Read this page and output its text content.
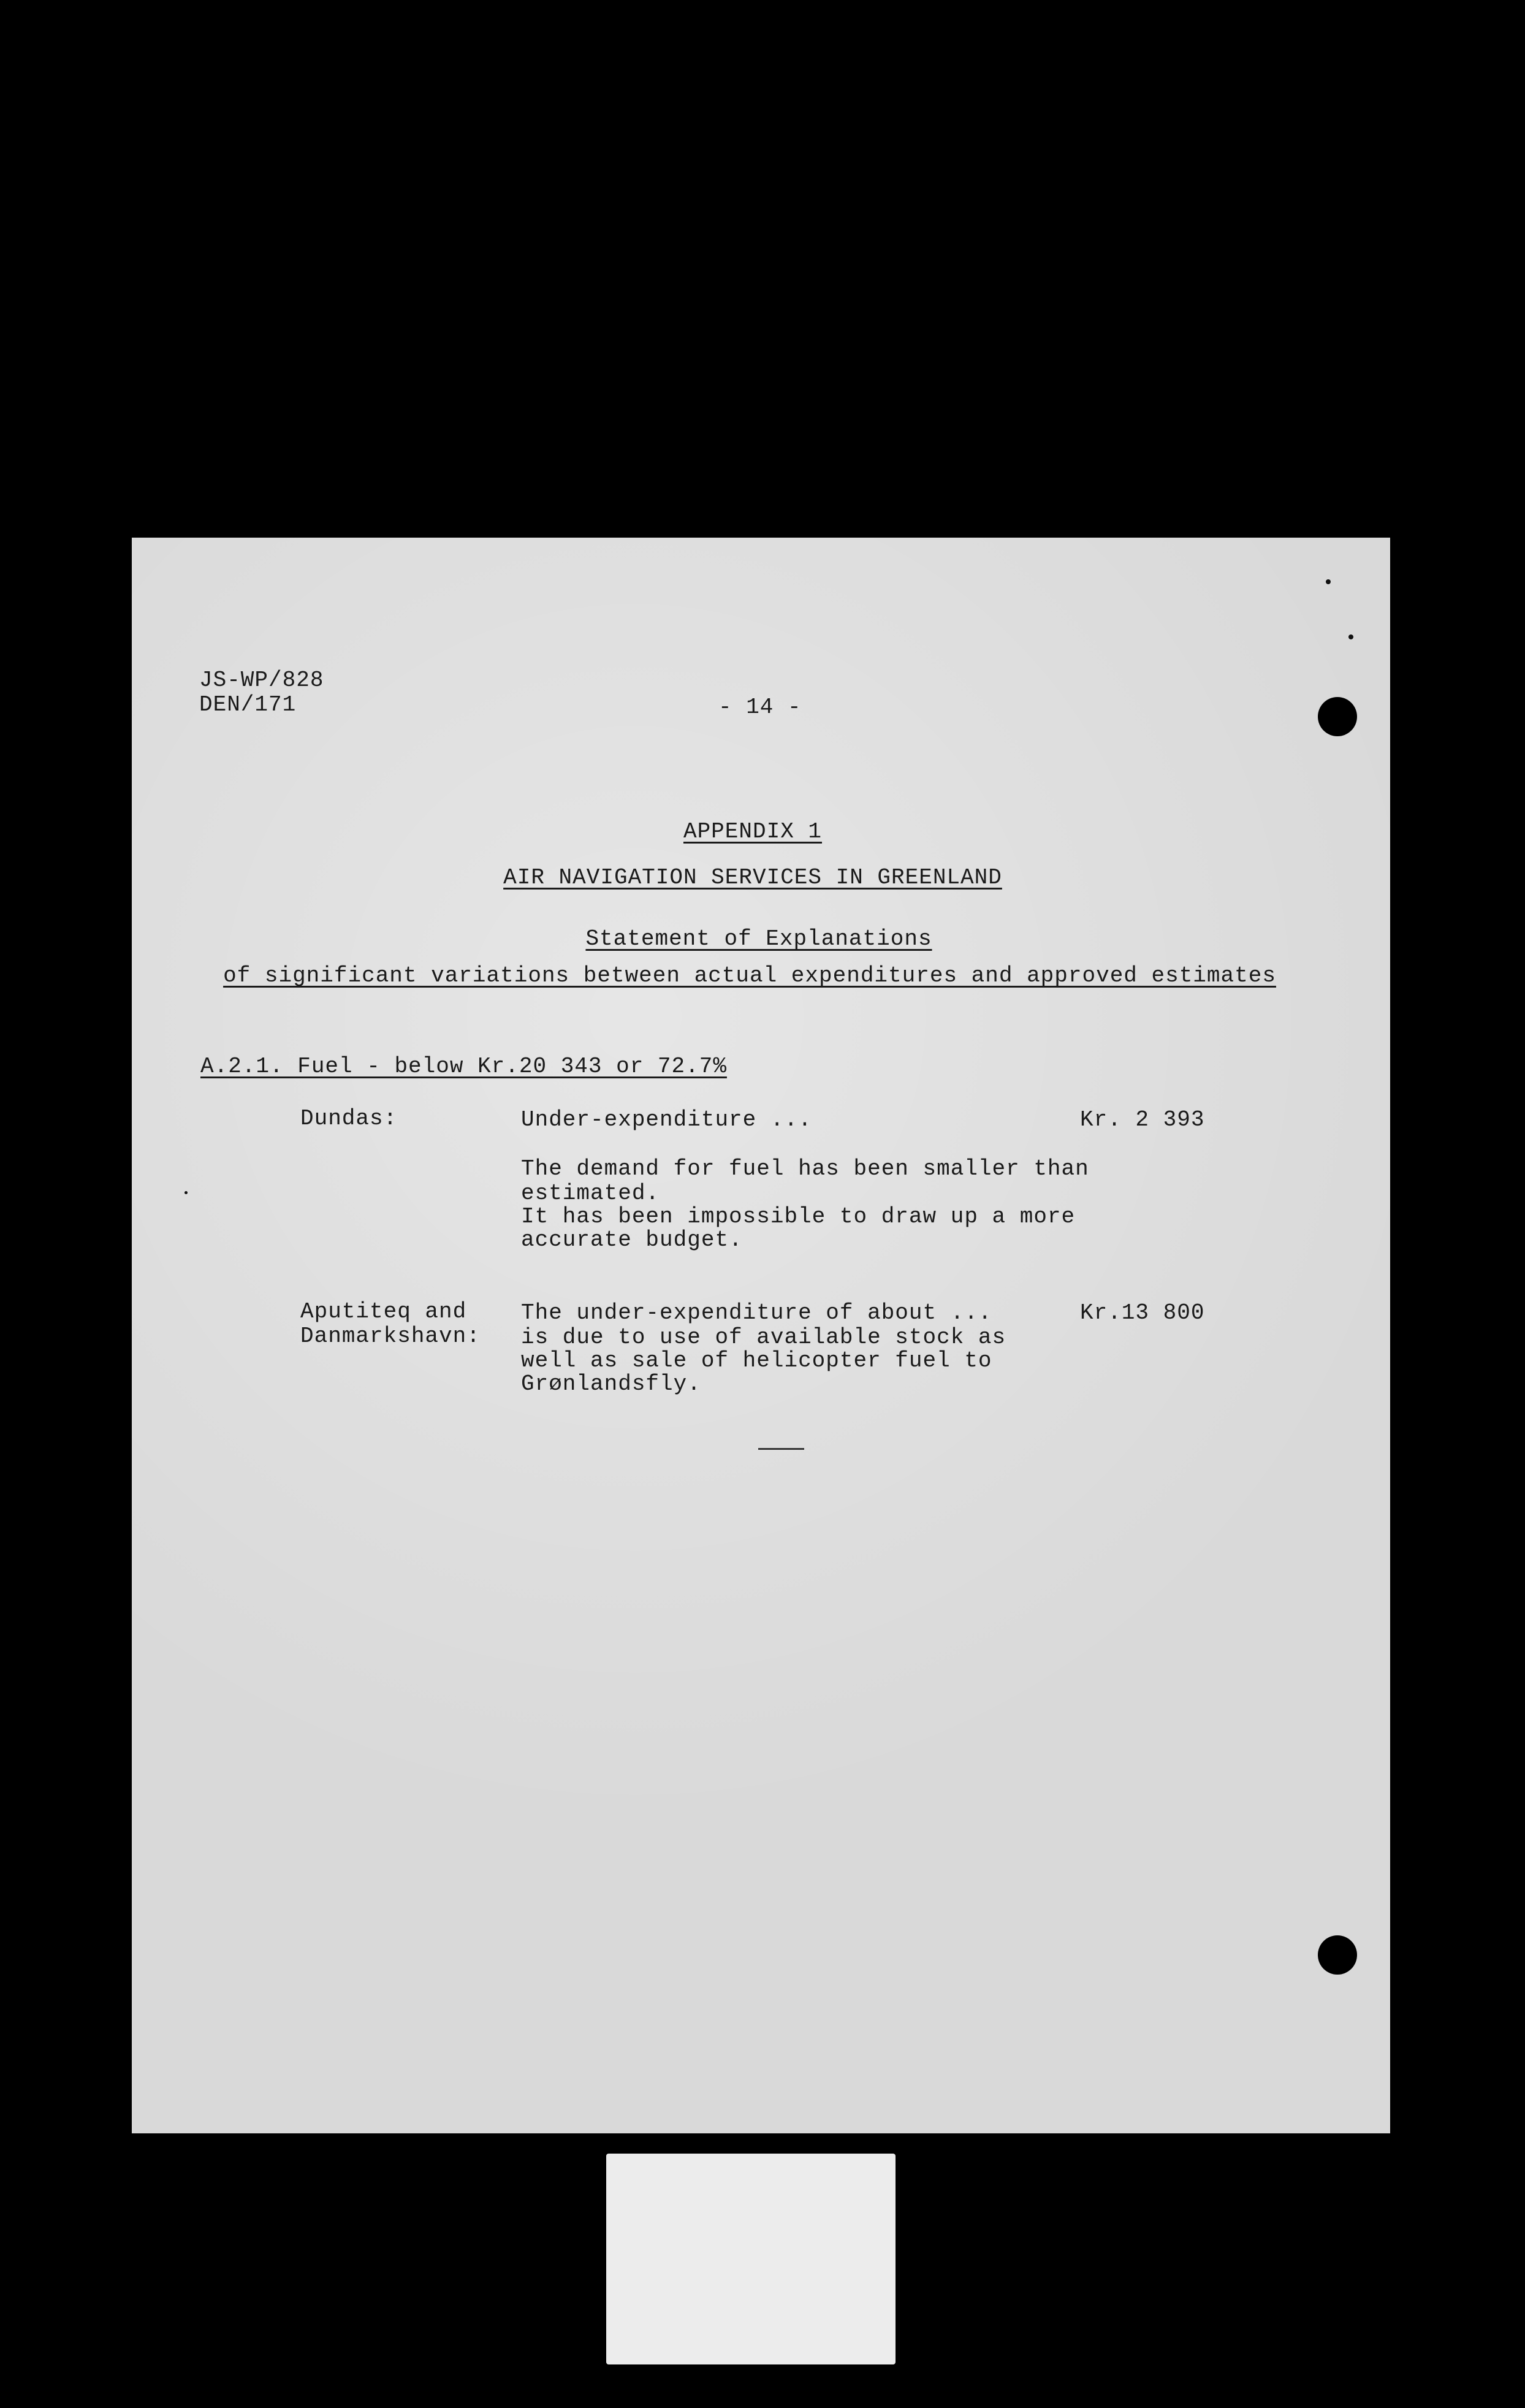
JS-WP/828
DEN/171	- 14 -
APPENDIX 1
AIR NAVIGATION SERVICES IN GREENLAND
Statement of Explanations
of significant variations between actual expenditures and approved estimates
A.2.1. Fuel - below Kr.20 343 or 72.7%
Dundas:	Under-expenditure ...
The demand for fuel has been smaller than
estimated.
It has been impossible to draw up a more
accurate budget.
Kr. 2 393
Aputiteq and
Danmarkshavn:
The under-expenditure of about ...
is due to use of available stock as
well as sale of helicopter fuel to
Grønlandsfly.
Kr.13 800
